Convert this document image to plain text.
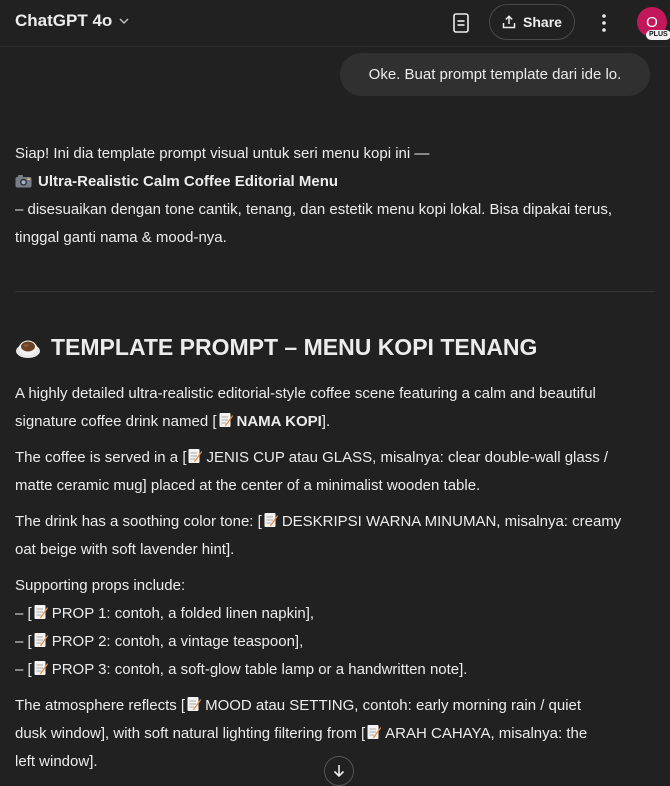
ChatGPT 4o	Share	O
PLUS
Oke. Buat prompt template dari ide lo.
Siap! Ini dia template prompt visual untuk seri menu kopi ini —
Ultra-Realistic Calm Coffee Editorial Menu
– disesuaikan dengan tone cantik, tenang, dan estetik menu kopi lokal. Bisa dipakai terus,
tinggal ganti nama & mood-nya.
TEMPLATE PROMPT – MENU KOPI TENANG
A highly detailed ultra-realistic editorial-style coffee scene featuring a calm and beautiful
signature coffee drink named [ NAMA KOPI].
The coffee is served in a [ JENIS CUP atau GLASS, misalnya: clear double-wall glass /
matte ceramic mug] placed at the center of a minimalist wooden table.
The drink has a soothing color tone: [ DESKRIPSI WARNA MINUMAN, misalnya: creamy
oat beige with soft lavender hint].
Supporting props include:
– [ PROP 1: contoh, a folded linen napkin],
– [ PROP 2: contoh, a vintage teaspoon],
– [ PROP 3: contoh, a soft-glow table lamp or a handwritten note].
The atmosphere reflects [ MOOD atau SETTING, contoh: early morning rain / quiet
dusk window], with soft natural lighting filtering from [ ARAH CAHAYA, misalnya: the
left window].
